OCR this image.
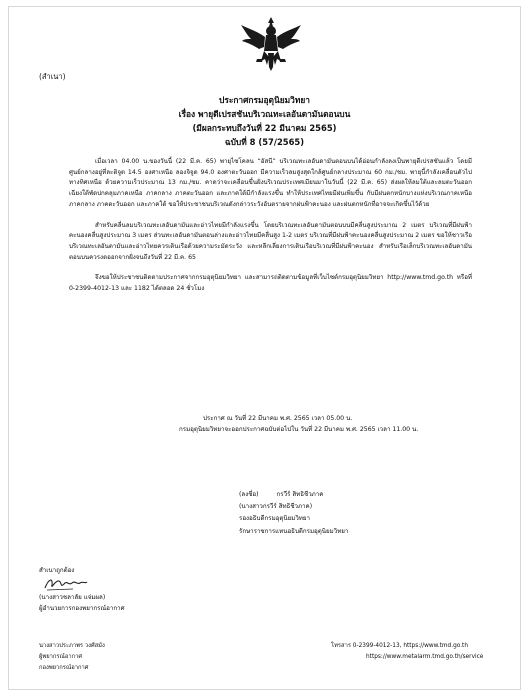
(สำเนา)
ประกาศกรมอุตุนิยมวิทยา
เรื่อง พายุดีเปรสชันบริเวณทะเลอันดามันตอนบน
(มีผลกระทบถึงวันที่ 22 มีนาคม 2565)
ฉบับที่ 8 (57/2565)

เมื่อเวลา 04.00 น.ของวันนี้ (22 มี.ค. 65) พายุไซโคลน “อัสนี” บริเวณทะเลอันดามันตอนบนได้อ่อนกำลังลงเป็นพายุดีเปรสชันแล้ว โดยมีศูนย์กลางอยู่ที่ละติจูด 14.5 องศาเหนือ ลองจิจูด 94.0 องศาตะวันออก มีความเร็วลมสูงสุดใกล้ศูนย์กลางประมาณ 60 กม./ชม. พายุนี้กำลังเคลื่อนตัวไปทางทิศเหนือ ด้วยความเร็วประมาณ 13 กม./ชม. คาดว่าจะเคลื่อนขึ้นฝั่งบริเวณประเทศเมียนมาในวันนี้ (22 มี.ค. 65) ส่งผลให้ลมใต้และลมตะวันออกเฉียงใต้พัดปกคลุมภาคเหนือ ภาคกลาง ภาคตะวันออก และภาคใต้มีกำลังแรงขึ้น ทำให้ประเทศไทยมีฝนเพิ่มขึ้น กับมีฝนตกหนักบางแห่งบริเวณภาคเหนือ ภาคกลาง ภาคตะวันออก และภาคใต้ ขอให้ประชาชนบริเวณดังกล่าวระวังอันตรายจากฝนฟ้าคะนอง และฝนตกหนักที่อาจจะเกิดขึ้นไว้ด้วย

สำหรับคลื่นลมบริเวณทะเลอันดามันและอ่าวไทยมีกำลังแรงขึ้น โดยบริเวณทะเลอันดามันตอนบนมีคลื่นสูงประมาณ 2 เมตร บริเวณที่มีฝนฟ้าคะนองคลื่นสูงประมาณ 3 เมตร ส่วนทะเลอันดามันตอนล่างและอ่าวไทยมีคลื่นสูง 1-2 เมตร บริเวณที่มีฝนฟ้าคะนองคลื่นสูงประมาณ 2 เมตร ขอให้ชาวเรือบริเวณทะเลอันดามันและอ่าวไทยควรเดินเรือด้วยความระมัดระวัง และหลีกเลี่ยงการเดินเรือบริเวณที่มีฝนฟ้าคะนอง สำหรับเรือเล็กบริเวณทะเลอันดามันตอนบนควรงดออกจากฝั่งจนถึงวันที่ 22 มี.ค. 65

จึงขอให้ประชาชนติดตามประกาศจากกรมอุตุนิยมวิทยา และสามารถติดตามข้อมูลที่เว็บไซต์กรมอุตุนิยมวิทยา http://www.tmd.go.th หรือที่ 0-2399-4012-13 และ 1182 ได้ตลอด 24 ชั่วโมง

ประกาศ ณ วันที่ 22 มีนาคม พ.ศ. 2565 เวลา 05.00 น.
กรมอุตุนิยมวิทยาจะออกประกาศฉบับต่อไปใน วันที่ 22 มีนาคม พ.ศ. 2565 เวลา 11.00 น.
(ลงชื่อ)	กรวีร์ สิทธิชีวภาค
(นางสาวกรวีร์ สิทธิชีวภาค)
รองอธิบดีกรมอุตุนิยมวิทยา
รักษาราชการแทนอธิบดีกรมอุตุนิยมวิทยา
สำเนาถูกต้อง
(นางสาวชลาลัย แจ่มผล)
ผู้อำนวยการกองพยากรณ์อากาศ
นางสาวประภาพร วงศ์สมัง
ผู้พยากรณ์อากาศ
กองพยากรณ์อากาศ
โทรสาร 0-2399-4012-13, https://www.tmd.go.th
https://www.metalarm.tmd.go.th/service
